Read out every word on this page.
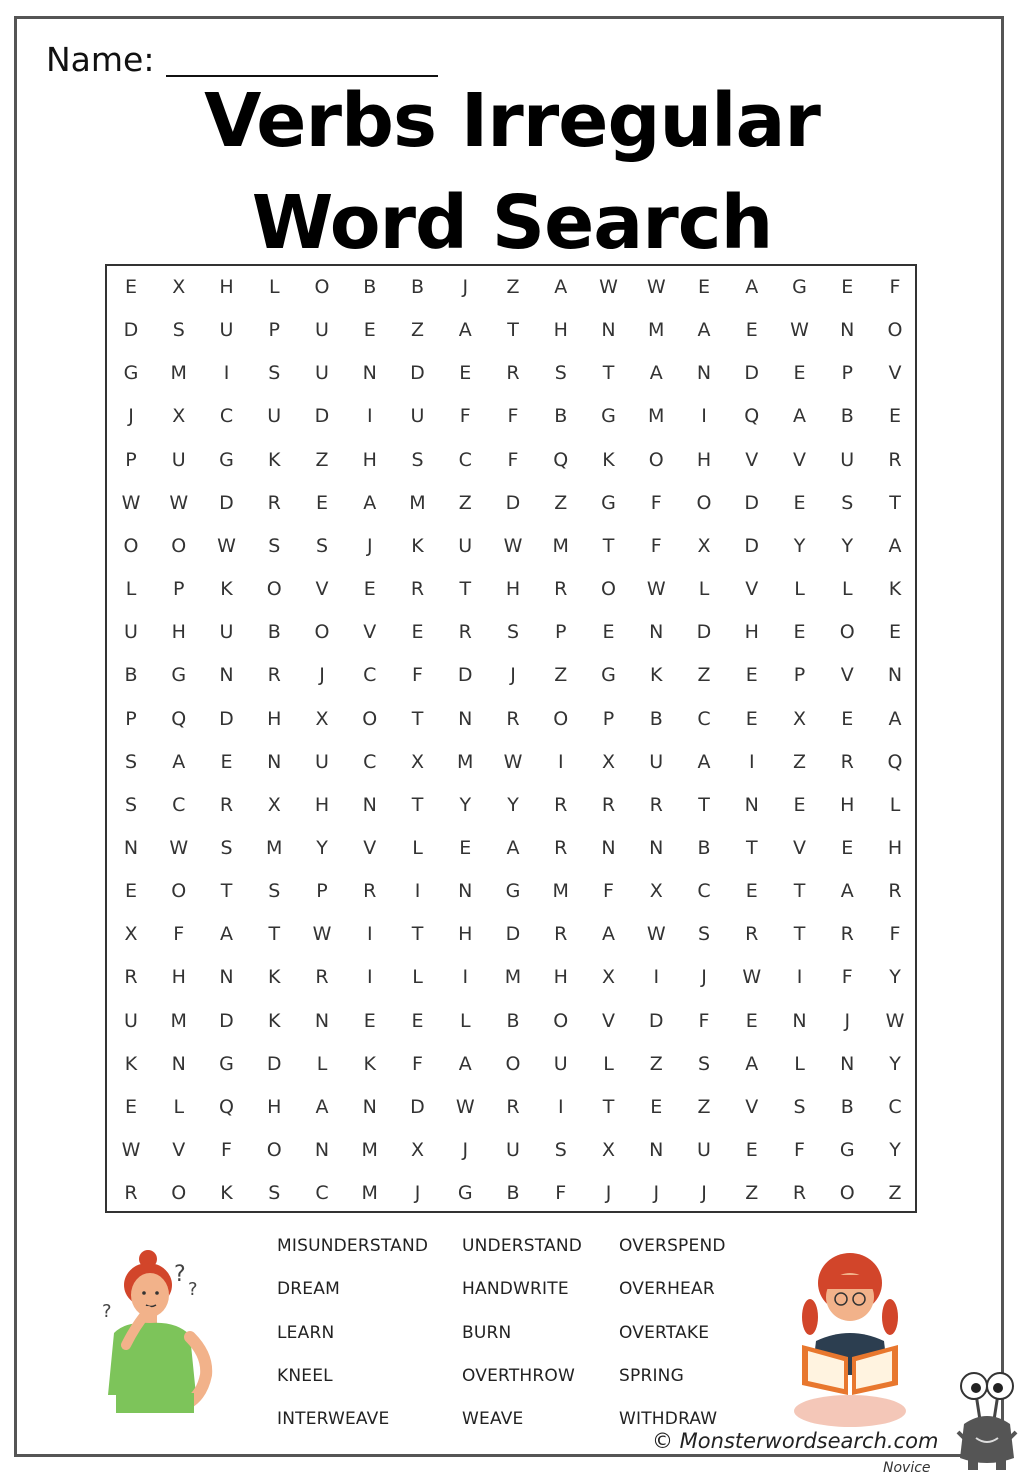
Name:
Verbs Irregular
Word Search
E	X	H	L	O	B	B	J	Z	A	W	W	E	A	G	E	F
D	S	U	P	U	E	Z	A	T	H	N	M	A	E	W	N	O
G	M	I	S	U	N	D	E	R	S	T	A	N	D	E	P	V
J	X	C	U	D	I	U	F	F	B	G	M	I	Q	A	B	E
P	U	G	K	Z	H	S	C	F	Q	K	O	H	V	V	U	R
W	W	D	R	E	A	M	Z	D	Z	G	F	O	D	E	S	T
O	O	W	S	S	J	K	U	W	M	T	F	X	D	Y	Y	A
L	P	K	O	V	E	R	T	H	R	O	W	L	V	L	L	K
U	H	U	B	O	V	E	R	S	P	E	N	D	H	E	O	E
B	G	N	R	J	C	F	D	J	Z	G	K	Z	E	P	V	N
P	Q	D	H	X	O	T	N	R	O	P	B	C	E	X	E	A
S	A	E	N	U	C	X	M	W	I	X	U	A	I	Z	R	Q
S	C	R	X	H	N	T	Y	Y	R	R	R	T	N	E	H	L
N	W	S	M	Y	V	L	E	A	R	N	N	B	T	V	E	H
E	O	T	S	P	R	I	N	G	M	F	X	C	E	T	A	R
X	F	A	T	W	I	T	H	D	R	A	W	S	R	T	R	F
R	H	N	K	R	I	L	I	M	H	X	I	J	W	I	F	Y
U	M	D	K	N	E	E	L	B	O	V	D	F	E	N	J	W
K	N	G	D	L	K	F	A	O	U	L	Z	S	A	L	N	Y
E	L	Q	H	A	N	D	W	R	I	T	E	Z	V	S	B	C
W	V	F	O	N	M	X	J	U	S	X	N	U	E	F	G	Y
R	O	K	S	C	M	J	G	B	F	J	J	J	Z	R	O	Z
MISUNDERSTAND UNDERSTAND OVERSPEND
DREAM	HANDWRITE	OVERHEAR
LEARN	BURN	OVERTAKE
KNEEL	OVERTHROW	SPRING
INTERWEAVE	WEAVE	WITHDRAW
?
?
?
© Monsterwordsearch.com
Novice
